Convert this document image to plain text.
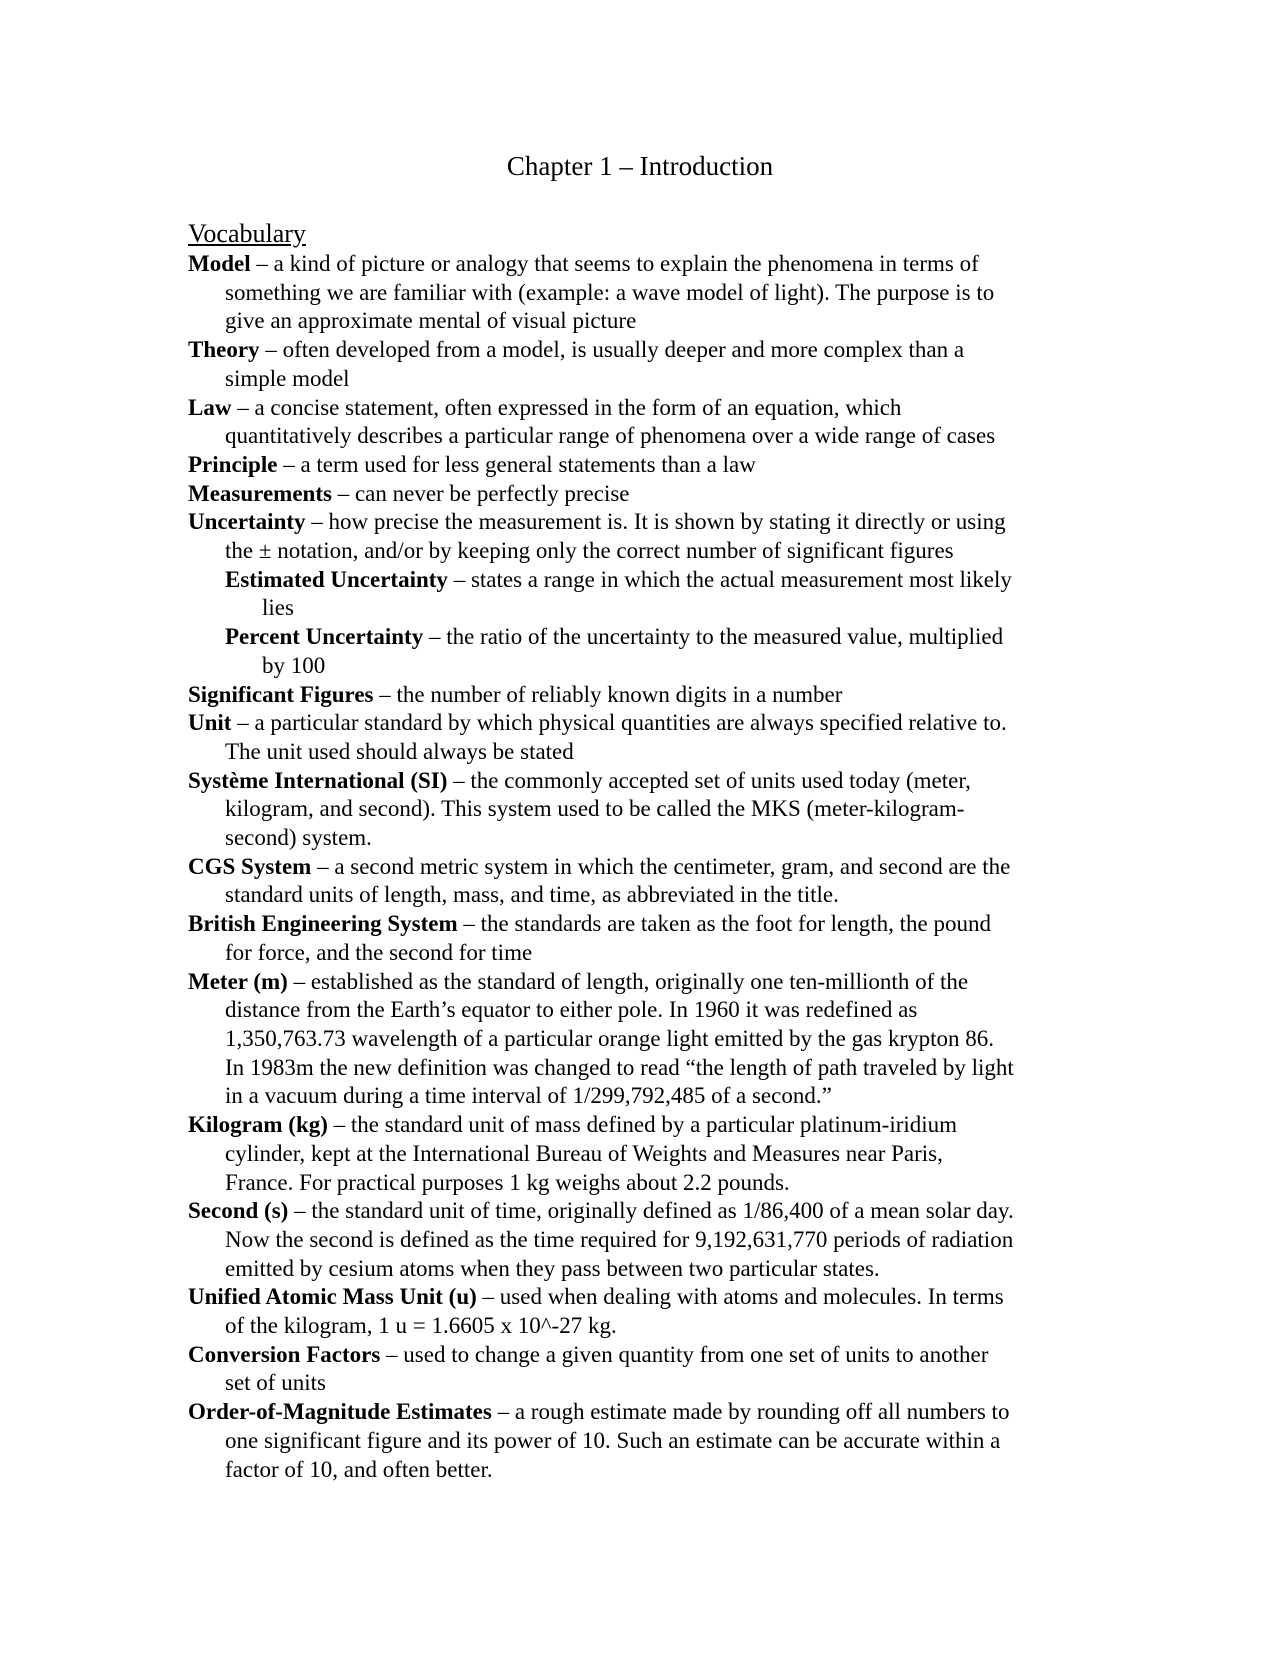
Chapter 1 – Introduction
Vocabulary

Model – a kind of picture or analogy that seems to explain the phenomena in terms of
something we are familiar with (example: a wave model of light). The purpose is to
give an approximate mental of visual picture

Theory – often developed from a model, is usually deeper and more complex than a
simple model

Law – a concise statement, often expressed in the form of an equation, which
quantitatively describes a particular range of phenomena over a wide range of cases

Principle – a term used for less general statements than a law

Measurements – can never be perfectly precise

Uncertainty – how precise the measurement is. It is shown by stating it directly or using
the ± notation, and/or by keeping only the correct number of significant figures

Estimated Uncertainty – states a range in which the actual measurement most likely
lies

Percent Uncertainty – the ratio of the uncertainty to the measured value, multiplied
by 100

Significant Figures – the number of reliably known digits in a number

Unit – a particular standard by which physical quantities are always specified relative to.
The unit used should always be stated

Système International (SI) – the commonly accepted set of units used today (meter,
kilogram, and second). This system used to be called the MKS (meter-kilogram-
second) system.

CGS System – a second metric system in which the centimeter, gram, and second are the
standard units of length, mass, and time, as abbreviated in the title.

British Engineering System – the standards are taken as the foot for length, the pound
for force, and the second for time

Meter (m) – established as the standard of length, originally one ten-millionth of the
distance from the Earth’s equator to either pole. In 1960 it was redefined as
1,350,763.73 wavelength of a particular orange light emitted by the gas krypton 86.
In 1983m the new definition was changed to read “the length of path traveled by light
in a vacuum during a time interval of 1/299,792,485 of a second.”

Kilogram (kg) – the standard unit of mass defined by a particular platinum-iridium
cylinder, kept at the International Bureau of Weights and Measures near Paris,
France. For practical purposes 1 kg weighs about 2.2 pounds.

Second (s) – the standard unit of time, originally defined as 1/86,400 of a mean solar day.
Now the second is defined as the time required for 9,192,631,770 periods of radiation
emitted by cesium atoms when they pass between two particular states.

Unified Atomic Mass Unit (u) – used when dealing with atoms and molecules. In terms
of the kilogram, 1 u = 1.6605 x 10^-27 kg.

Conversion Factors – used to change a given quantity from one set of units to another
set of units

Order-of-Magnitude Estimates – a rough estimate made by rounding off all numbers to
one significant figure and its power of 10. Such an estimate can be accurate within a
factor of 10, and often better.
